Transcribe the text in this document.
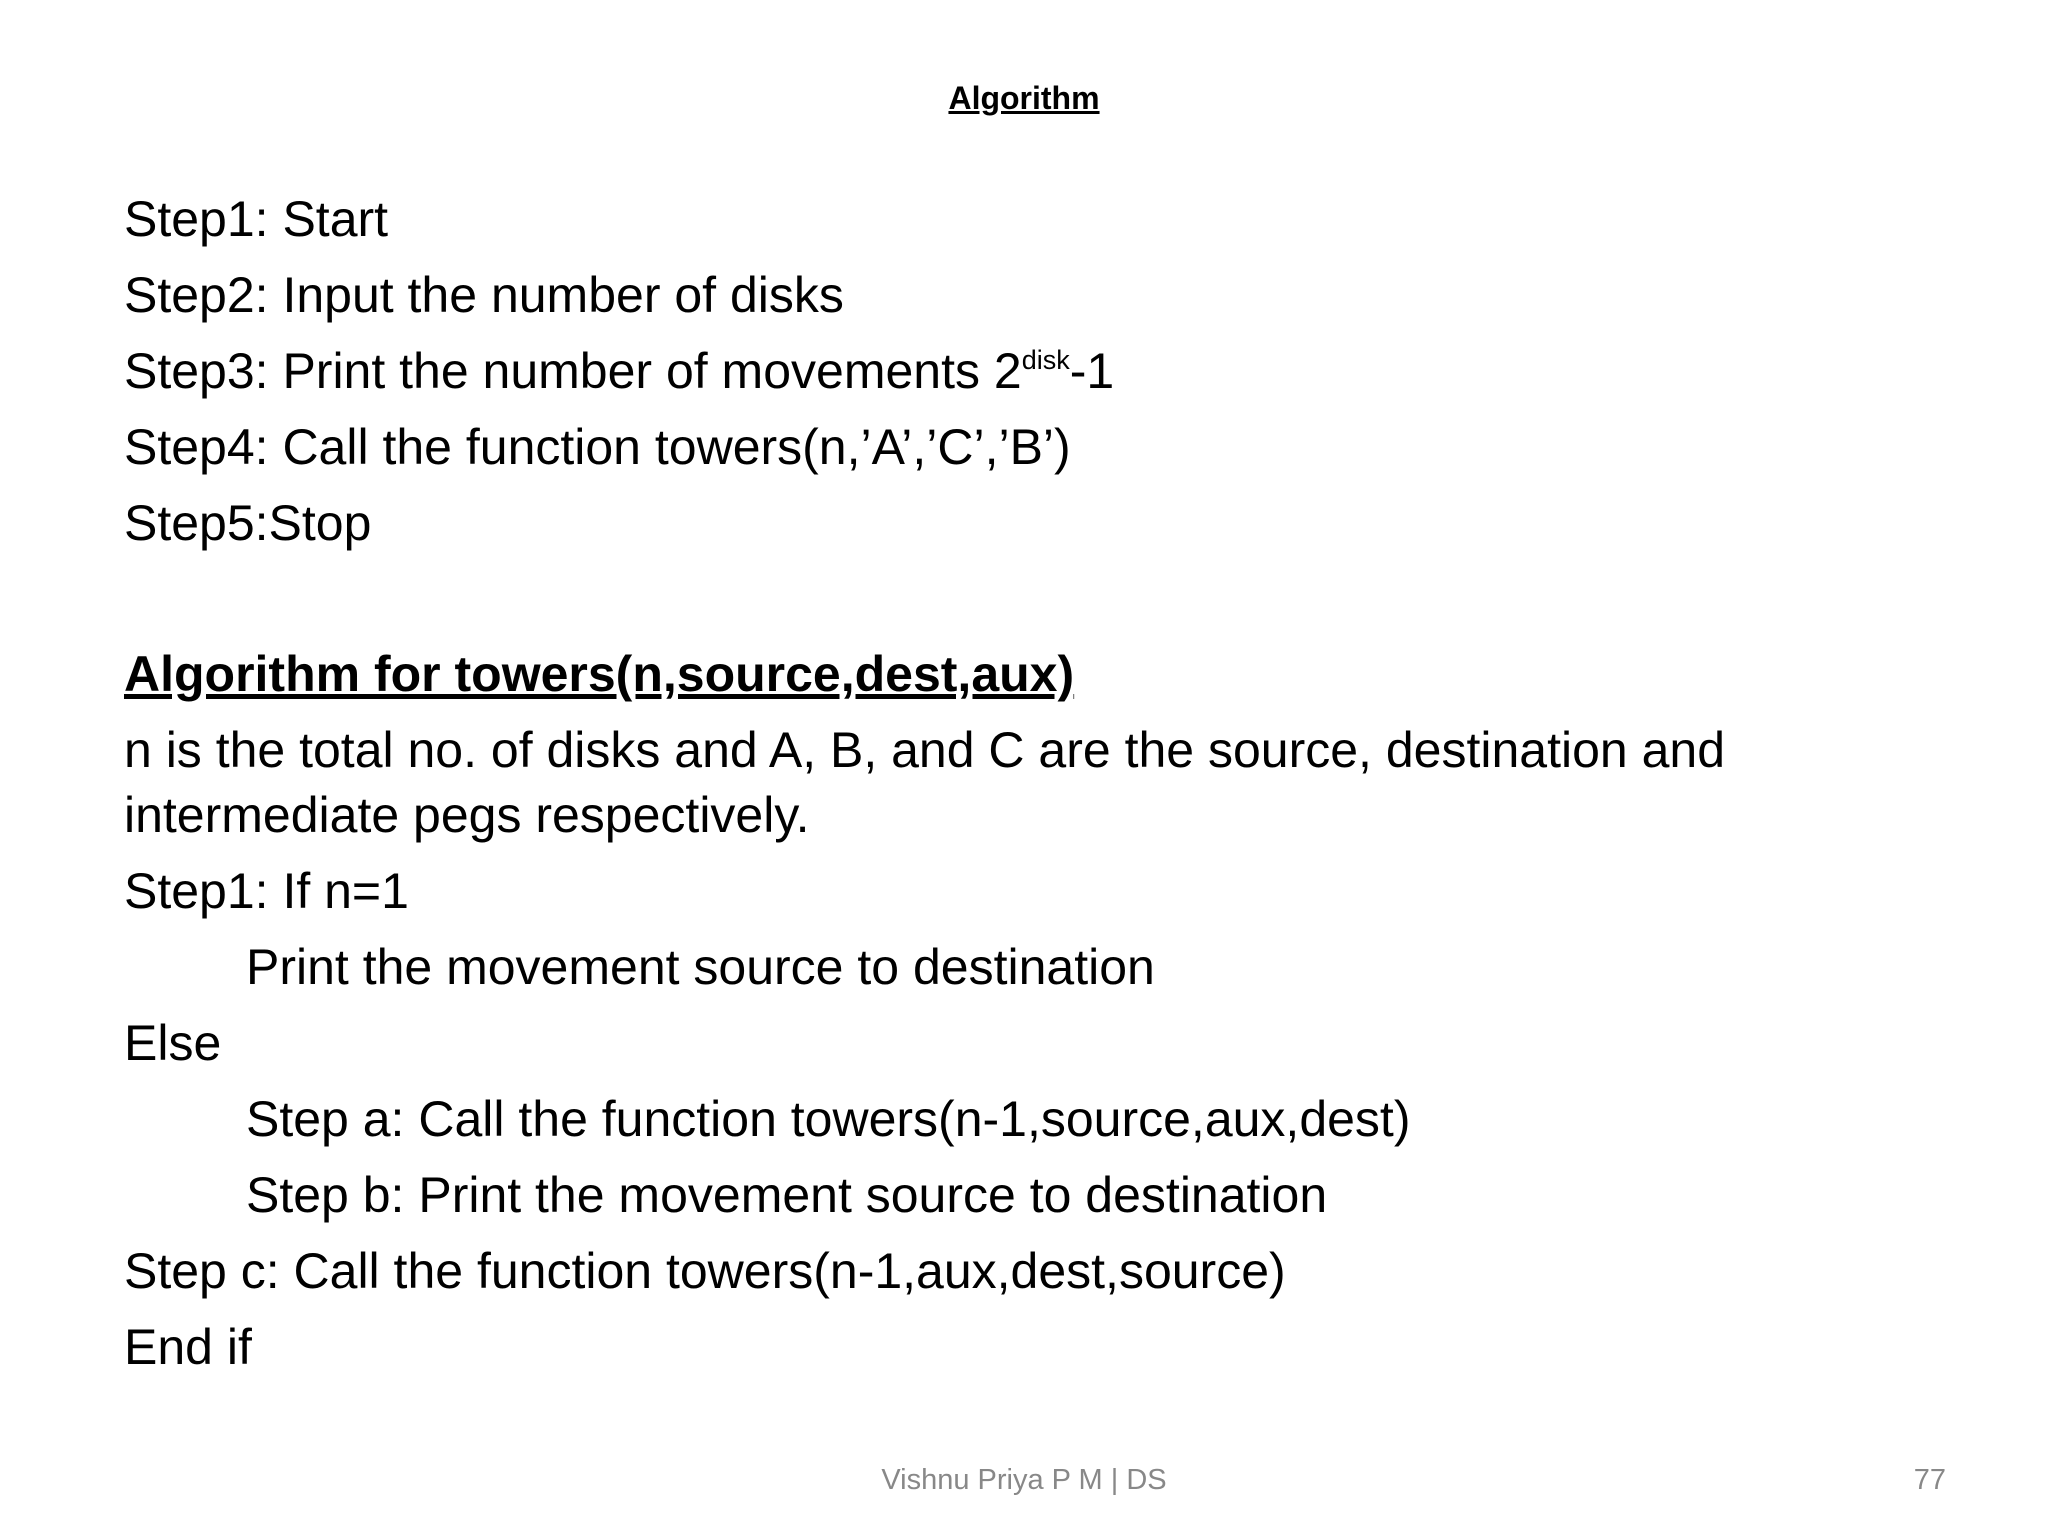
Algorithm
Step1: Start
Step2: Input the number of disks
Step3: Print the number of movements $2^{disk}-1$
Step4: Call the function towers(n,’A’,’C’,’B’)
Step5:Stop
Algorithm for towers(n,source,dest,aux)
n is the total no. of disks and A, B, and C are the source, destination and
intermediate pegs respectively.
Step1: If n=1
Print the movement source to destination
Else
Step a: Call the function towers(n-1,source,aux,dest)
Step b: Print the movement source to destination
Step c: Call the function towers(n-1,aux,dest,source)
End if
Vishnu Priya P M | DS	77
